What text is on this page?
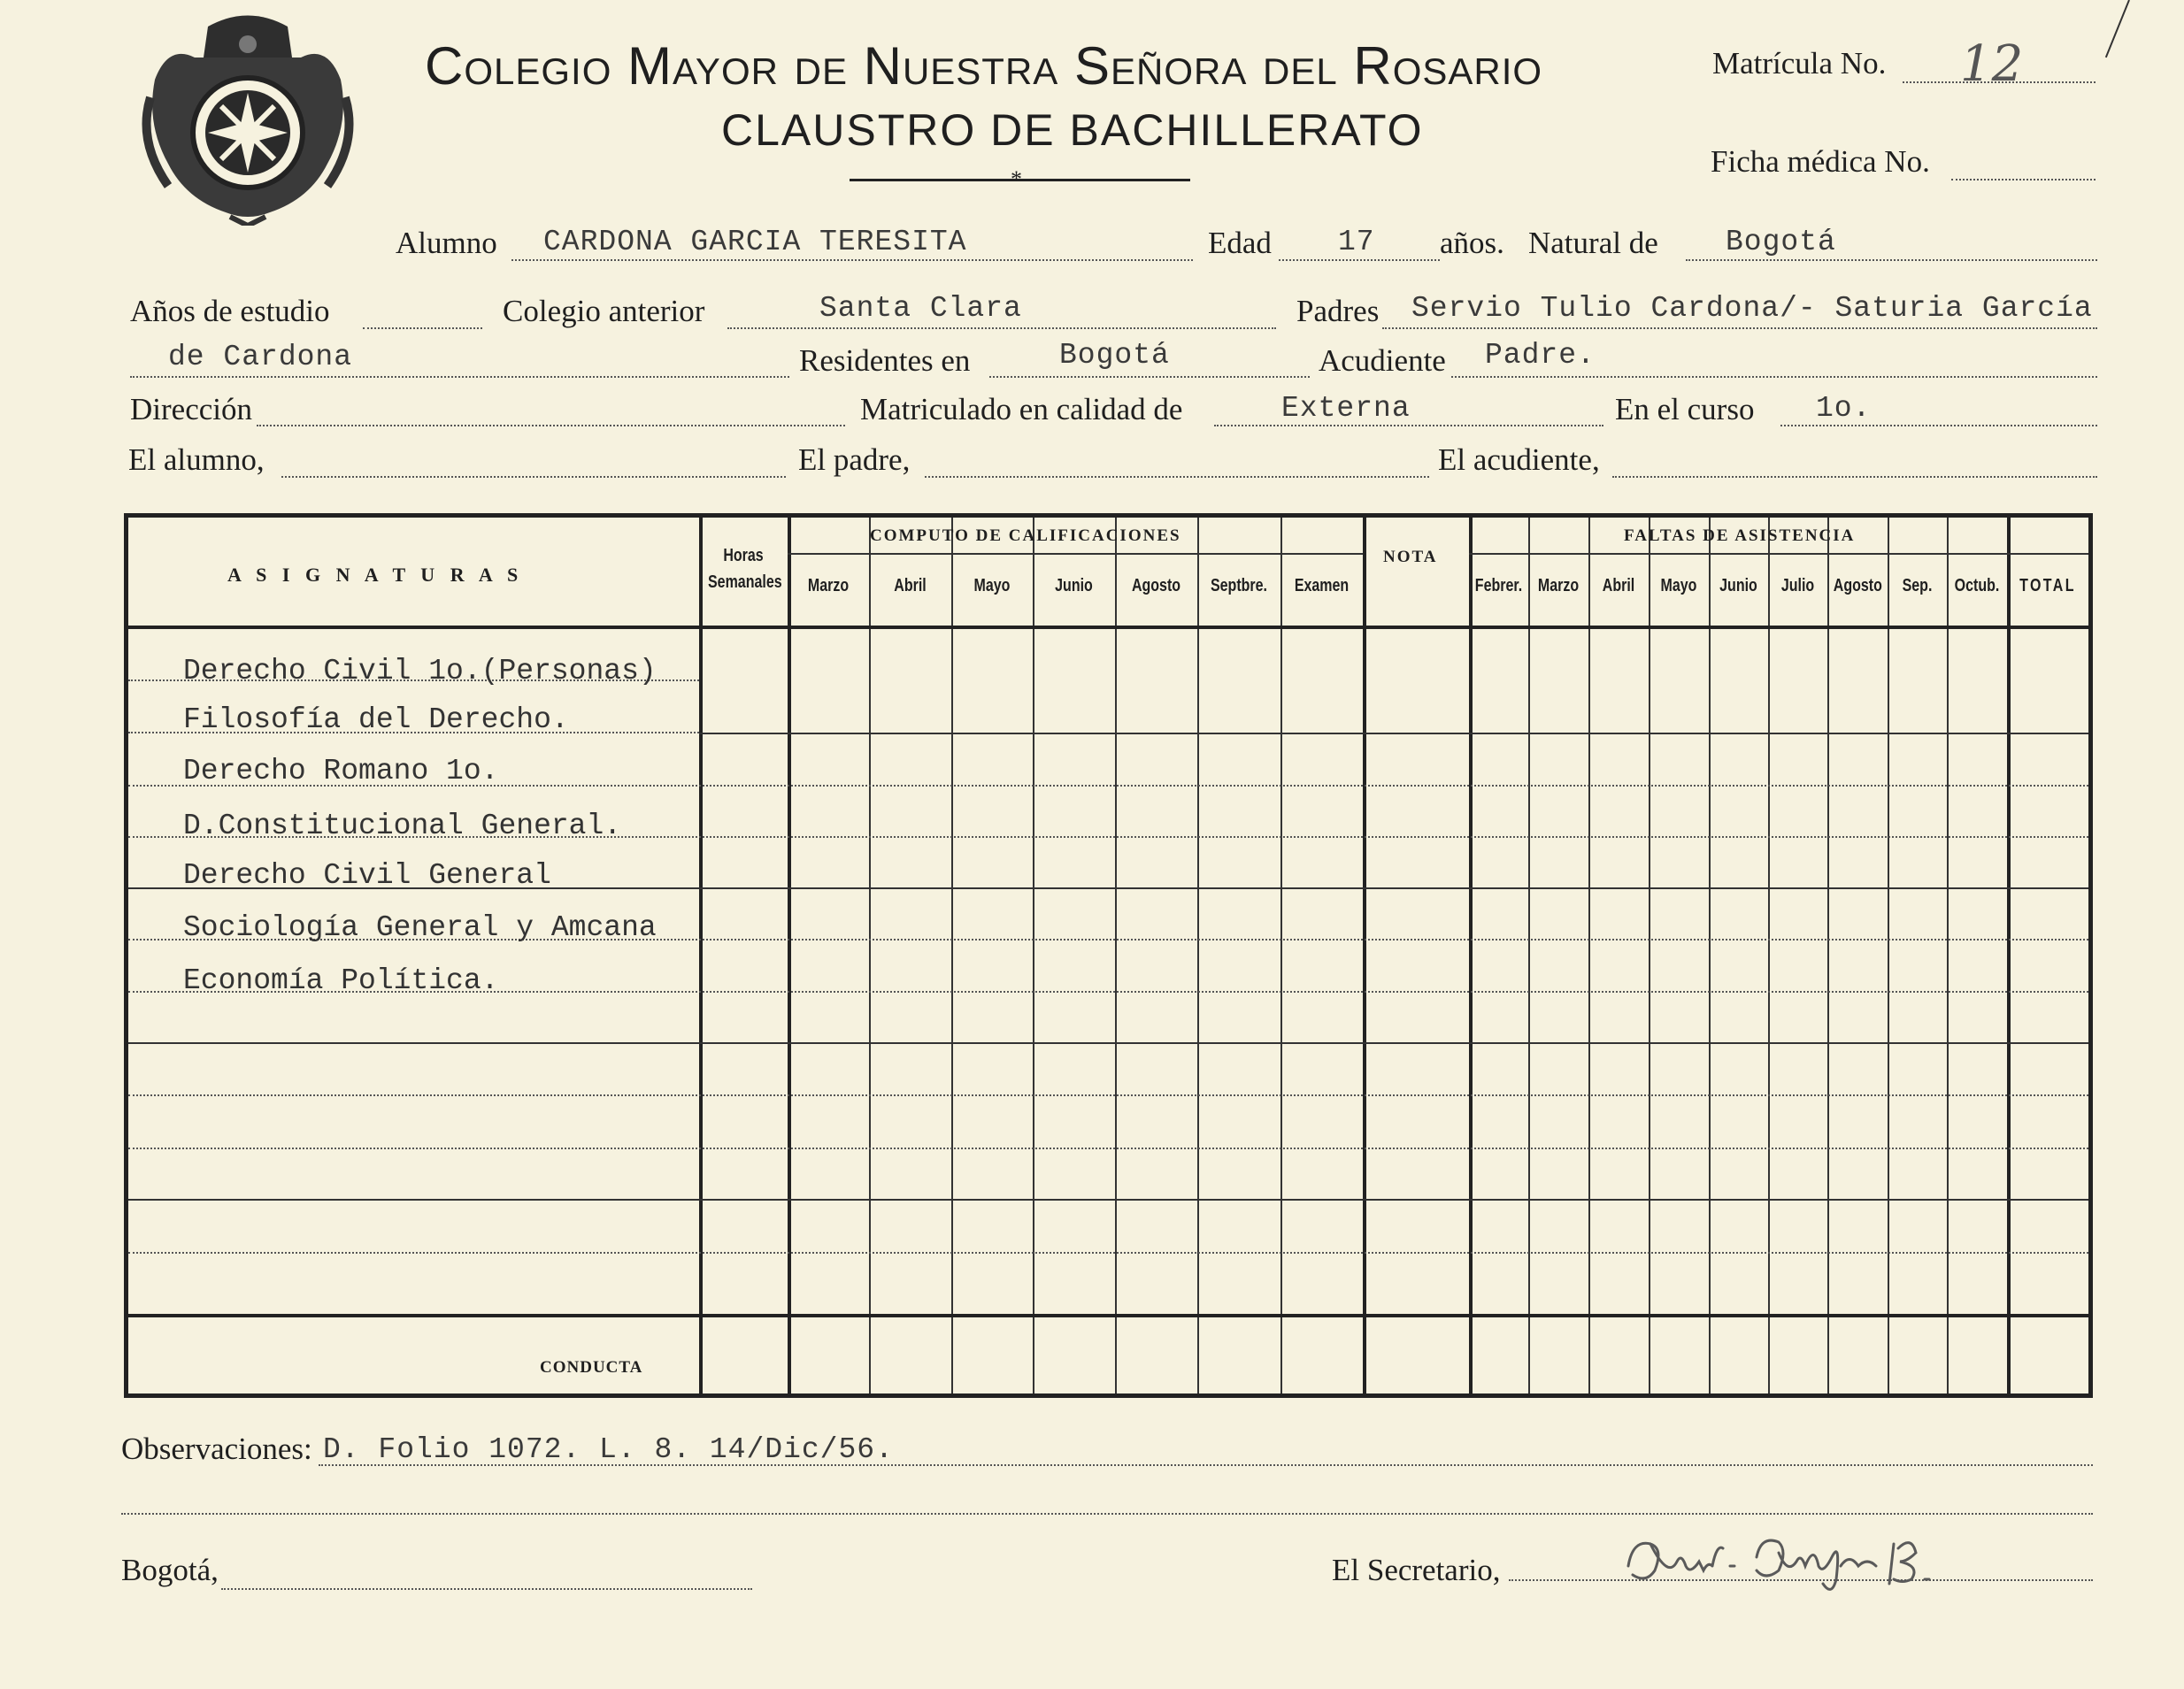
Colegio Mayor de Nuestra Señora del Rosario
CLAUSTRO DE BACHILLERATO
*
Matrícula No. 12
Ficha médica No.
Alumno CARDONA GARCIA TERESITA	Edad 17 años. Natural de Bogotá
Años de estudio	Colegio anterior	Santa Clara	Padres Servio Tulio Cardona/- Saturia García
de Cardona	Residentes en	Bogotá	Acudiente Padre.
Dirección	Matriculado en calidad de	Externa	En el curso 1o.
El alumno,	El padre,	El acudiente,
A S I G N A T U R A S
Horas
Semanales
COMPUTO DE CALIFICACIONES
NOTA
FALTAS DE ASISTENCIA
Marzo	Abril	Mayo	Junio	Agosto	Septbre.	Examen	Febrer. Marzo	Abril	Mayo	Junio	Julio	Agosto	Sep.	Octub. TOTAL
Derecho Civil 1o.(Personas)
Filosofía del Derecho.
Derecho Romano 1o.
D.Constitucional General.
Derecho Civil General
Sociología General y Amcana
Economía Política.
CONDUCTA
Observaciones: D. Folio 1072. L. 8. 14/Dic/56.
Bogotá,	El Secretario,
